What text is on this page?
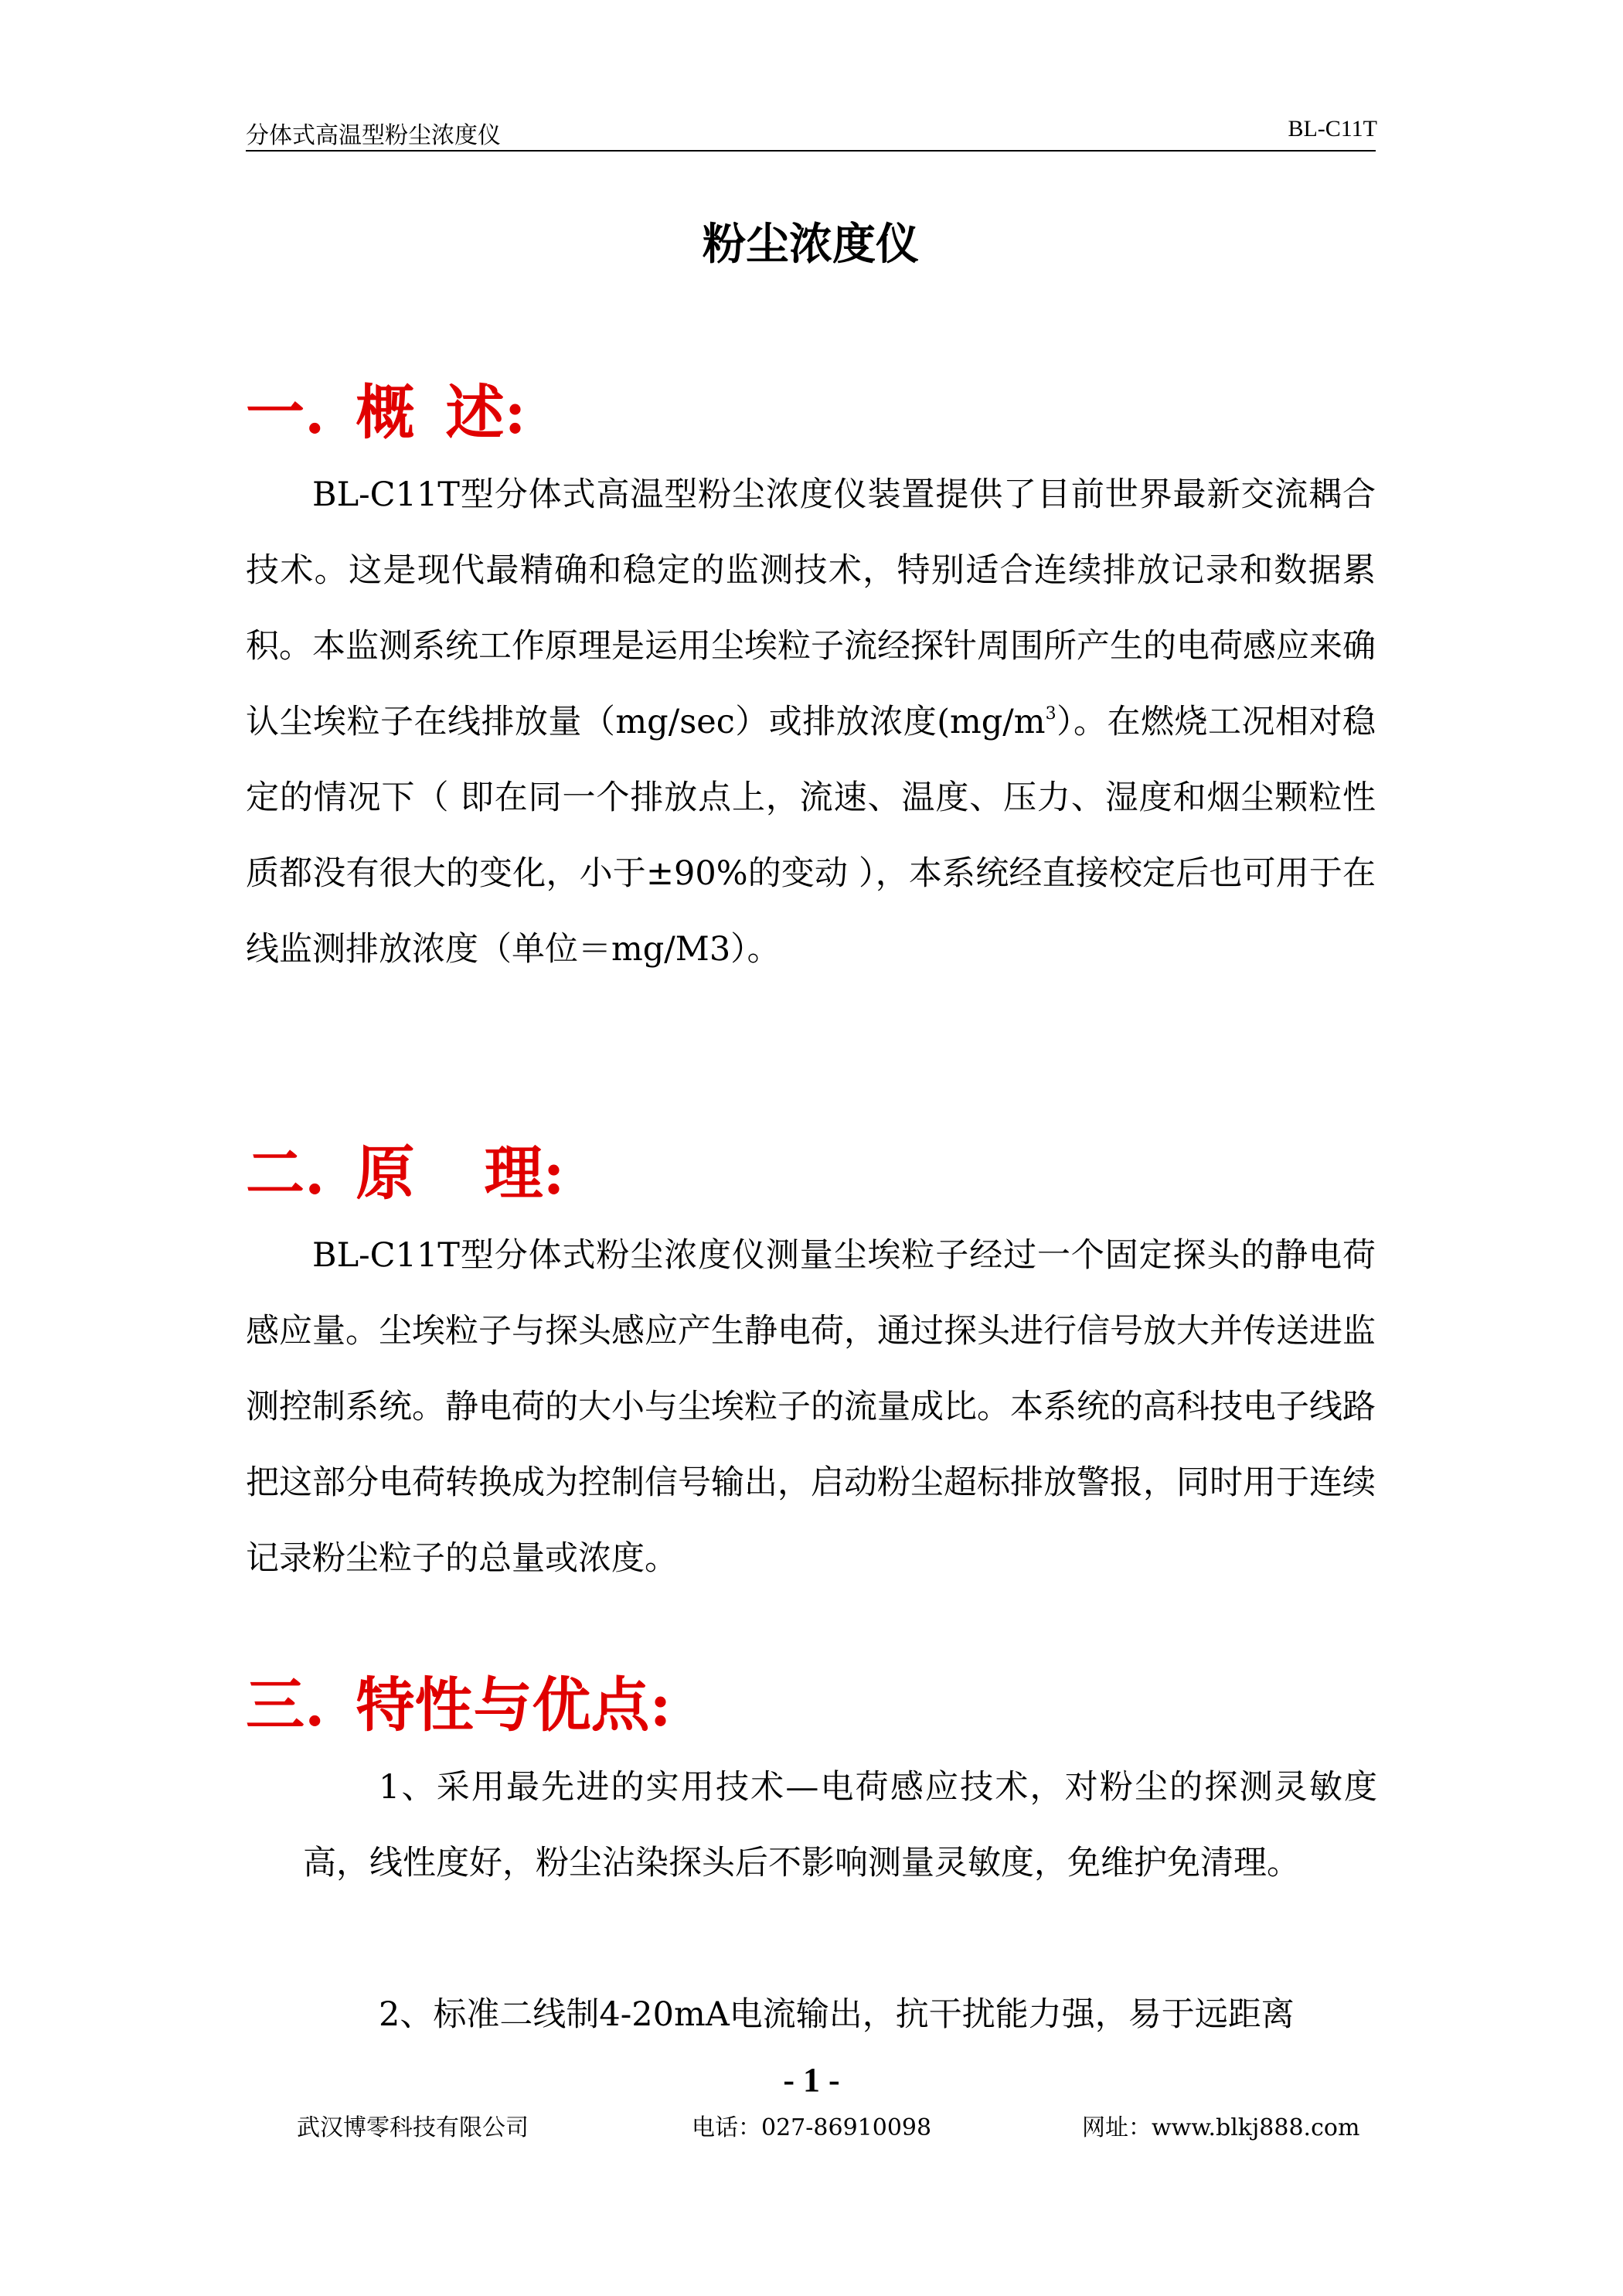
分体式高温型粉尘浓度仪	BL-C11T
粉尘浓度仪
一. 概 述:
BL-C11T型分体式高温型粉尘浓度仪装置提供了目前世界最新交流耦合技术。这是现代最精确和稳定的监测技术，特别适合连续排放记录和数据累积。本监测系统工作原理是运用尘埃粒子流经探针周围所产生的电荷感应来确认尘埃粒子在线排放量（mg/sec）或排放浓度$(mg/m^3)$。在燃烧工况相对稳定的情况下（ 即在同一个排放点上，流速、温度、压力、湿度和烟尘颗粒性质都没有很大的变化，小于±90%的变动 ），本系统经直接校定后也可用于在线监测排放浓度（单位＝mg/M3）。
二. 原 理:
BL-C11T型分体式粉尘浓度仪测量尘埃粒子经过一个固定探头的静电荷感应量。尘埃粒子与探头感应产生静电荷，通过探头进行信号放大并传送进监测控制系统。静电荷的大小与尘埃粒子的流量成比。本系统的高科技电子线路把这部分电荷转换成为控制信号输出，启动粉尘超标排放警报，同时用于连续记录粉尘粒子的总量或浓度。
三. 特性与优点:
1、采用最先进的实用技术—电荷感应技术，对粉尘的探测灵敏度高，线性度好，粉尘沾染探头后不影响测量灵敏度，免维护免清理。
2、标准二线制4-20mA电流输出，抗干扰能力强，易于远距离
- 1 -
武汉博零科技有限公司	电话：027-86910098	网址：www.blkj888.com
